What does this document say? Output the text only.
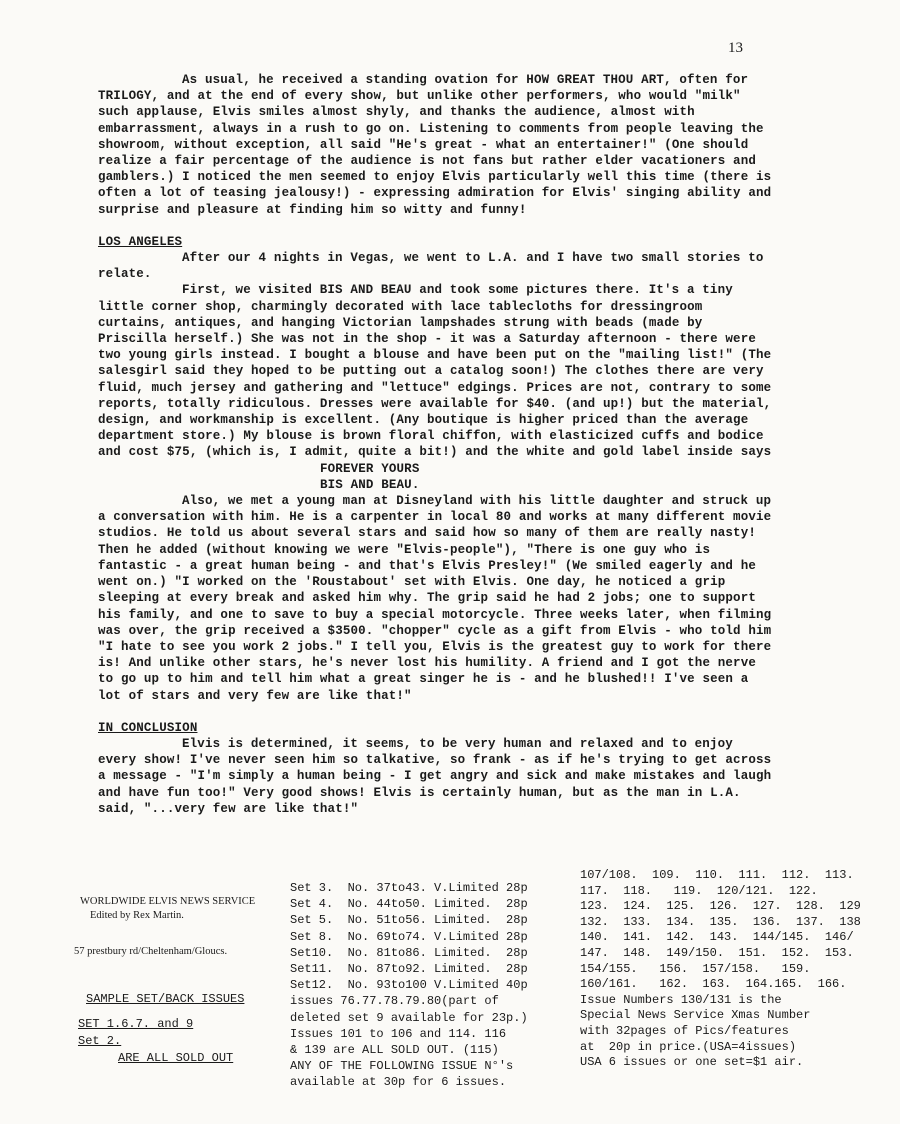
13

As usual, he received a standing ovation for HOW GREAT THOU ART, often for TRILOGY, and at the end of every show, but unlike other performers, who would "milk" such applause, Elvis smiles almost shyly, and thanks the audience, almost with embarrassment, always in a rush to go on. Listening to comments from people leaving the showroom, without exception, all said "He's great - what an entertainer!" (One should realize a fair percentage of the audience is not fans but rather elder vacationers and gamblers.) I noticed the men seemed to enjoy Elvis particularly well this time (there is often a lot of teasing jealousy!) - expressing admiration for Elvis' singing ability and surprise and pleasure at finding him so witty and funny!

LOS ANGELES

After our 4 nights in Vegas, we went to L.A. and I have two small stories to relate.

First, we visited BIS AND BEAU and took some pictures there. It's a tiny little corner shop, charmingly decorated with lace tablecloths for dressingroom curtains, antiques, and hanging Victorian lampshades strung with beads (made by Priscilla herself.) She was not in the shop - it was a Saturday afternoon - there were two young girls instead. I bought a blouse and have been put on the "mailing list!" (The salesgirl said they hoped to be putting out a catalog soon!) The clothes there are very fluid, much jersey and gathering and "lettuce" edgings. Prices are not, contrary to some reports, totally ridiculous. Dresses were available for $40. (and up!) but the material, design, and workmanship is excellent. (Any boutique is higher priced than the average department store.) My blouse is brown floral chiffon, with elasticized cuffs and bodice and cost $75, (which is, I admit, quite a bit!) and the white and gold label inside says

FOREVER YOURS

BIS AND BEAU.

Also, we met a young man at Disneyland with his little daughter and struck up a conversation with him. He is a carpenter in local 80 and works at many different movie studios. He told us about several stars and said how so many of them are really nasty! Then he added (without knowing we were "Elvis-people"), "There is one guy who is fantastic - a great human being - and that's Elvis Presley!" (We smiled eagerly and he went on.) "I worked on the 'Roustabout' set with Elvis. One day, he noticed a grip sleeping at every break and asked him why. The grip said he had 2 jobs; one to support his family, and one to save to buy a special motorcycle. Three weeks later, when filming was over, the grip received a $3500. "chopper" cycle as a gift from Elvis - who told him "I hate to see you work 2 jobs." I tell you, Elvis is the greatest guy to work for there is! And unlike other stars, he's never lost his humility. A friend and I got the nerve to go up to him and tell him what a great singer he is - and he blushed!! I've seen a lot of stars and very few are like that!"

IN CONCLUSION

Elvis is determined, it seems, to be very human and relaxed and to enjoy every show! I've never seen him so talkative, so frank - as if he's trying to get across a message - "I'm simply a human being - I get angry and sick and make mistakes and laugh and have fun too!" Very good shows! Elvis is certainly human, but as the man in L.A. said, "...very few are like that!"

WORLDWIDE ELVIS NEWS SERVICE
Edited by Rex Martin.
57 prestbury rd/Cheltenham/Gloucs.
SAMPLE SET/BACK ISSUES
SET 1.6.7. and 9
Set 2.
ARE ALL SOLD OUT
Set 3.  No. 37to43. V.Limited 28p
Set 4.  No. 44to50. Limited.  28p
Set 5.  No. 51to56. Limited.  28p
Set 8.  No. 69to74. V.Limited 28p
Set10.  No. 81to86. Limited.  28p
Set11.  No. 87to92. Limited.  28p
Set12.  No. 93to100 V.Limited 40p
issues 76.77.78.79.80(part of
deleted set 9 available for 23p.)
Issues 101 to 106 and 114. 116
& 139 are ALL SOLD OUT. (115)
ANY OF THE FOLLOWING ISSUE N°'s
available at 30p for 6 issues.
107/108.  109.  110.  111.  112.  113.
117.  118.   119.  120/121.  122.
123.  124.  125.  126.  127.  128.  129
132.  133.  134.  135.  136.  137.  138
140.  141.  142.  143.  144/145.  146/
147.  148.  149/150.  151.  152.  153.
154/155.   156.  157/158.   159.
160/161.   162.  163.  164.165.  166.
Issue Numbers 130/131 is the
Special News Service Xmas Number
with 32pages of Pics/features
at  20p in price.(USA=4issues)
USA 6 issues or one set=$1 air.
